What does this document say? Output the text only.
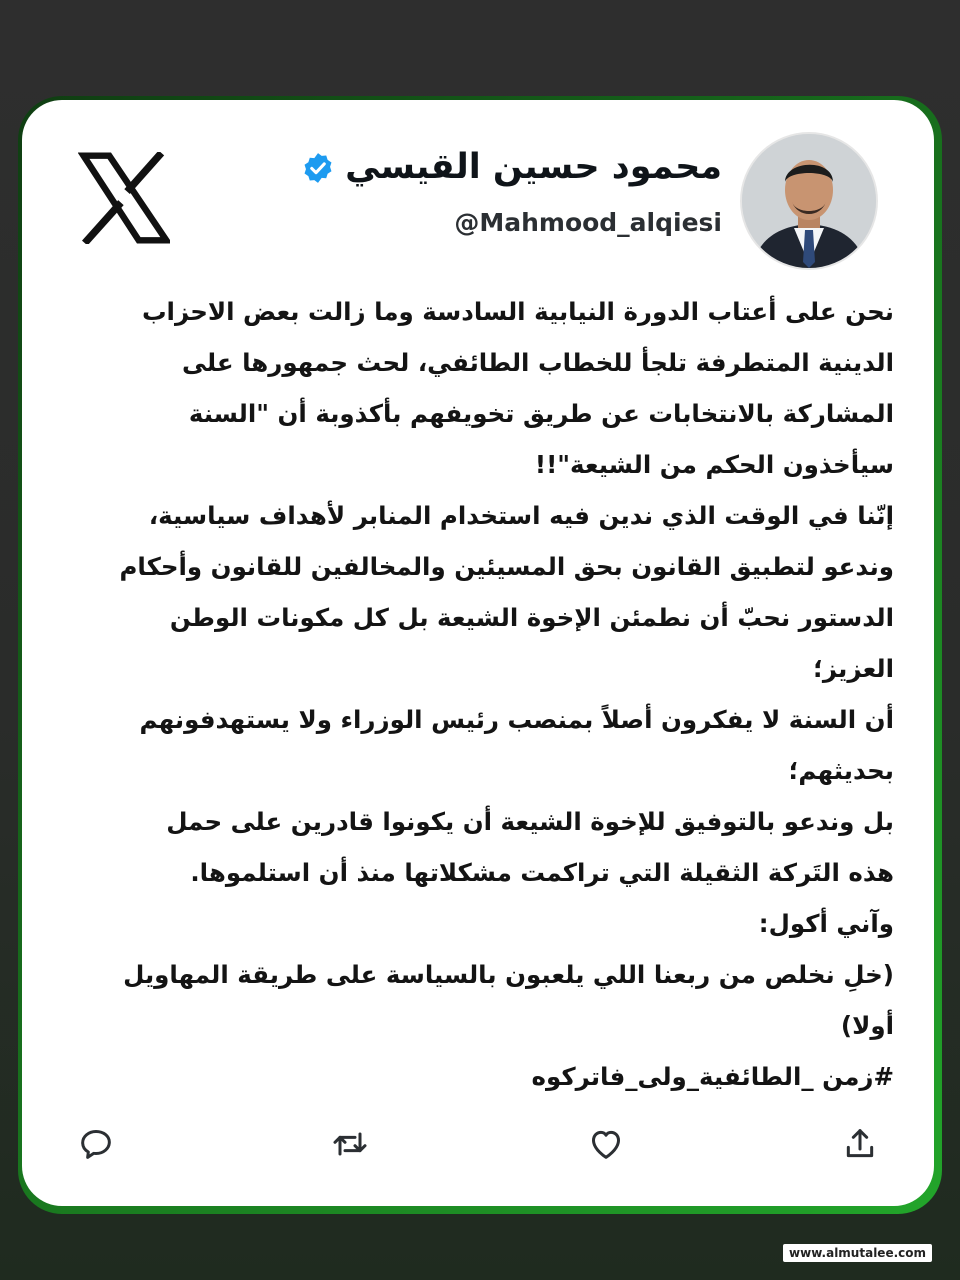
محمود حسين القيسي
@Mahmood_alqiesi
نحن على أعتاب الدورة النيابية السادسة وما زالت بعض الاحزاب
الدينية المتطرفة تلجأ للخطاب الطائفي، لحث جمهورها على
المشاركة بالانتخابات عن طريق تخويفهم بأكذوبة أن "السنة
سيأخذون الحكم من الشيعة"!!
إنّنا في الوقت الذي ندين فيه استخدام المنابر لأهداف سياسية،
وندعو لتطبيق القانون بحق المسيئين والمخالفين للقانون وأحكام
الدستور نحبّ أن نطمئن الإخوة الشيعة بل كل مكونات الوطن
العزيز؛
أن السنة لا يفكرون أصلاً بمنصب رئيس الوزراء ولا يستهدفونهم
بحديثهم؛
بل وندعو بالتوفيق للإخوة الشيعة أن يكونوا قادرين على حمل
هذه التَركة الثقيلة التي تراكمت مشكلاتها منذ أن استلموها.
وآني أكول:
(خلِ نخلص من ربعنا اللي يلعبون بالسياسة على طريقة المهاويل
أولا)
#زمن _الطائفية_ولى_فاتركوه
www.almutalee.com
